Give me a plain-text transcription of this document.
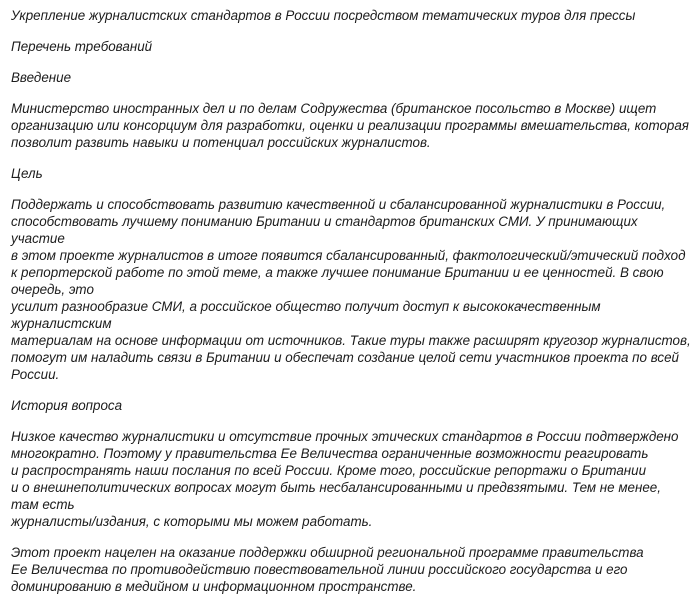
Укрепление журналистских стандартов в России посредством тематических туров для прессы

Перечень требований

Введение

Министерство иностранных дел и по делам Содружества (британское посольство в Москве) ищет
организацию или консорциум для разработки, оценки и реализации программы вмешательства, которая
позволит развить навыки и потенциал российских журналистов.

Цель

Поддержать и способствовать развитию качественной и сбалансированной журналистики в России,
способствовать лучшему пониманию Британии и стандартов британских СМИ. У принимающих участие
в этом проекте журналистов в итоге появится сбалансированный, фактологический/этический подход
к репортерской работе по этой теме, а также лучшее понимание Британии и ее ценностей. В свою очередь, это
усилит разнообразие СМИ, а российское общество получит доступ к высококачественным журналистским
материалам на основе информации от источников. Такие туры также расширят кругозор журналистов,
помогут им наладить связи в Британии и обеспечат создание целой сети участников проекта по всей России.

История вопроса

Низкое качество журналистики и отсутствие прочных этических стандартов в России подтверждено
многократно. Поэтому у правительства Ее Величества ограниченные возможности реагировать
и распространять наши послания по всей России. Кроме того, российские репортажи о Британии
и о внешнеполитических вопросах могут быть несбалансированными и предвзятыми. Тем не менее, там есть
журналисты/издания, с которыми мы можем работать.

Этот проект нацелен на оказание поддержки обширной региональной программе правительства
Ее Величества по противодействию повествовательной линии российского государства и его
доминированию в медийном и информационном пространстве.
